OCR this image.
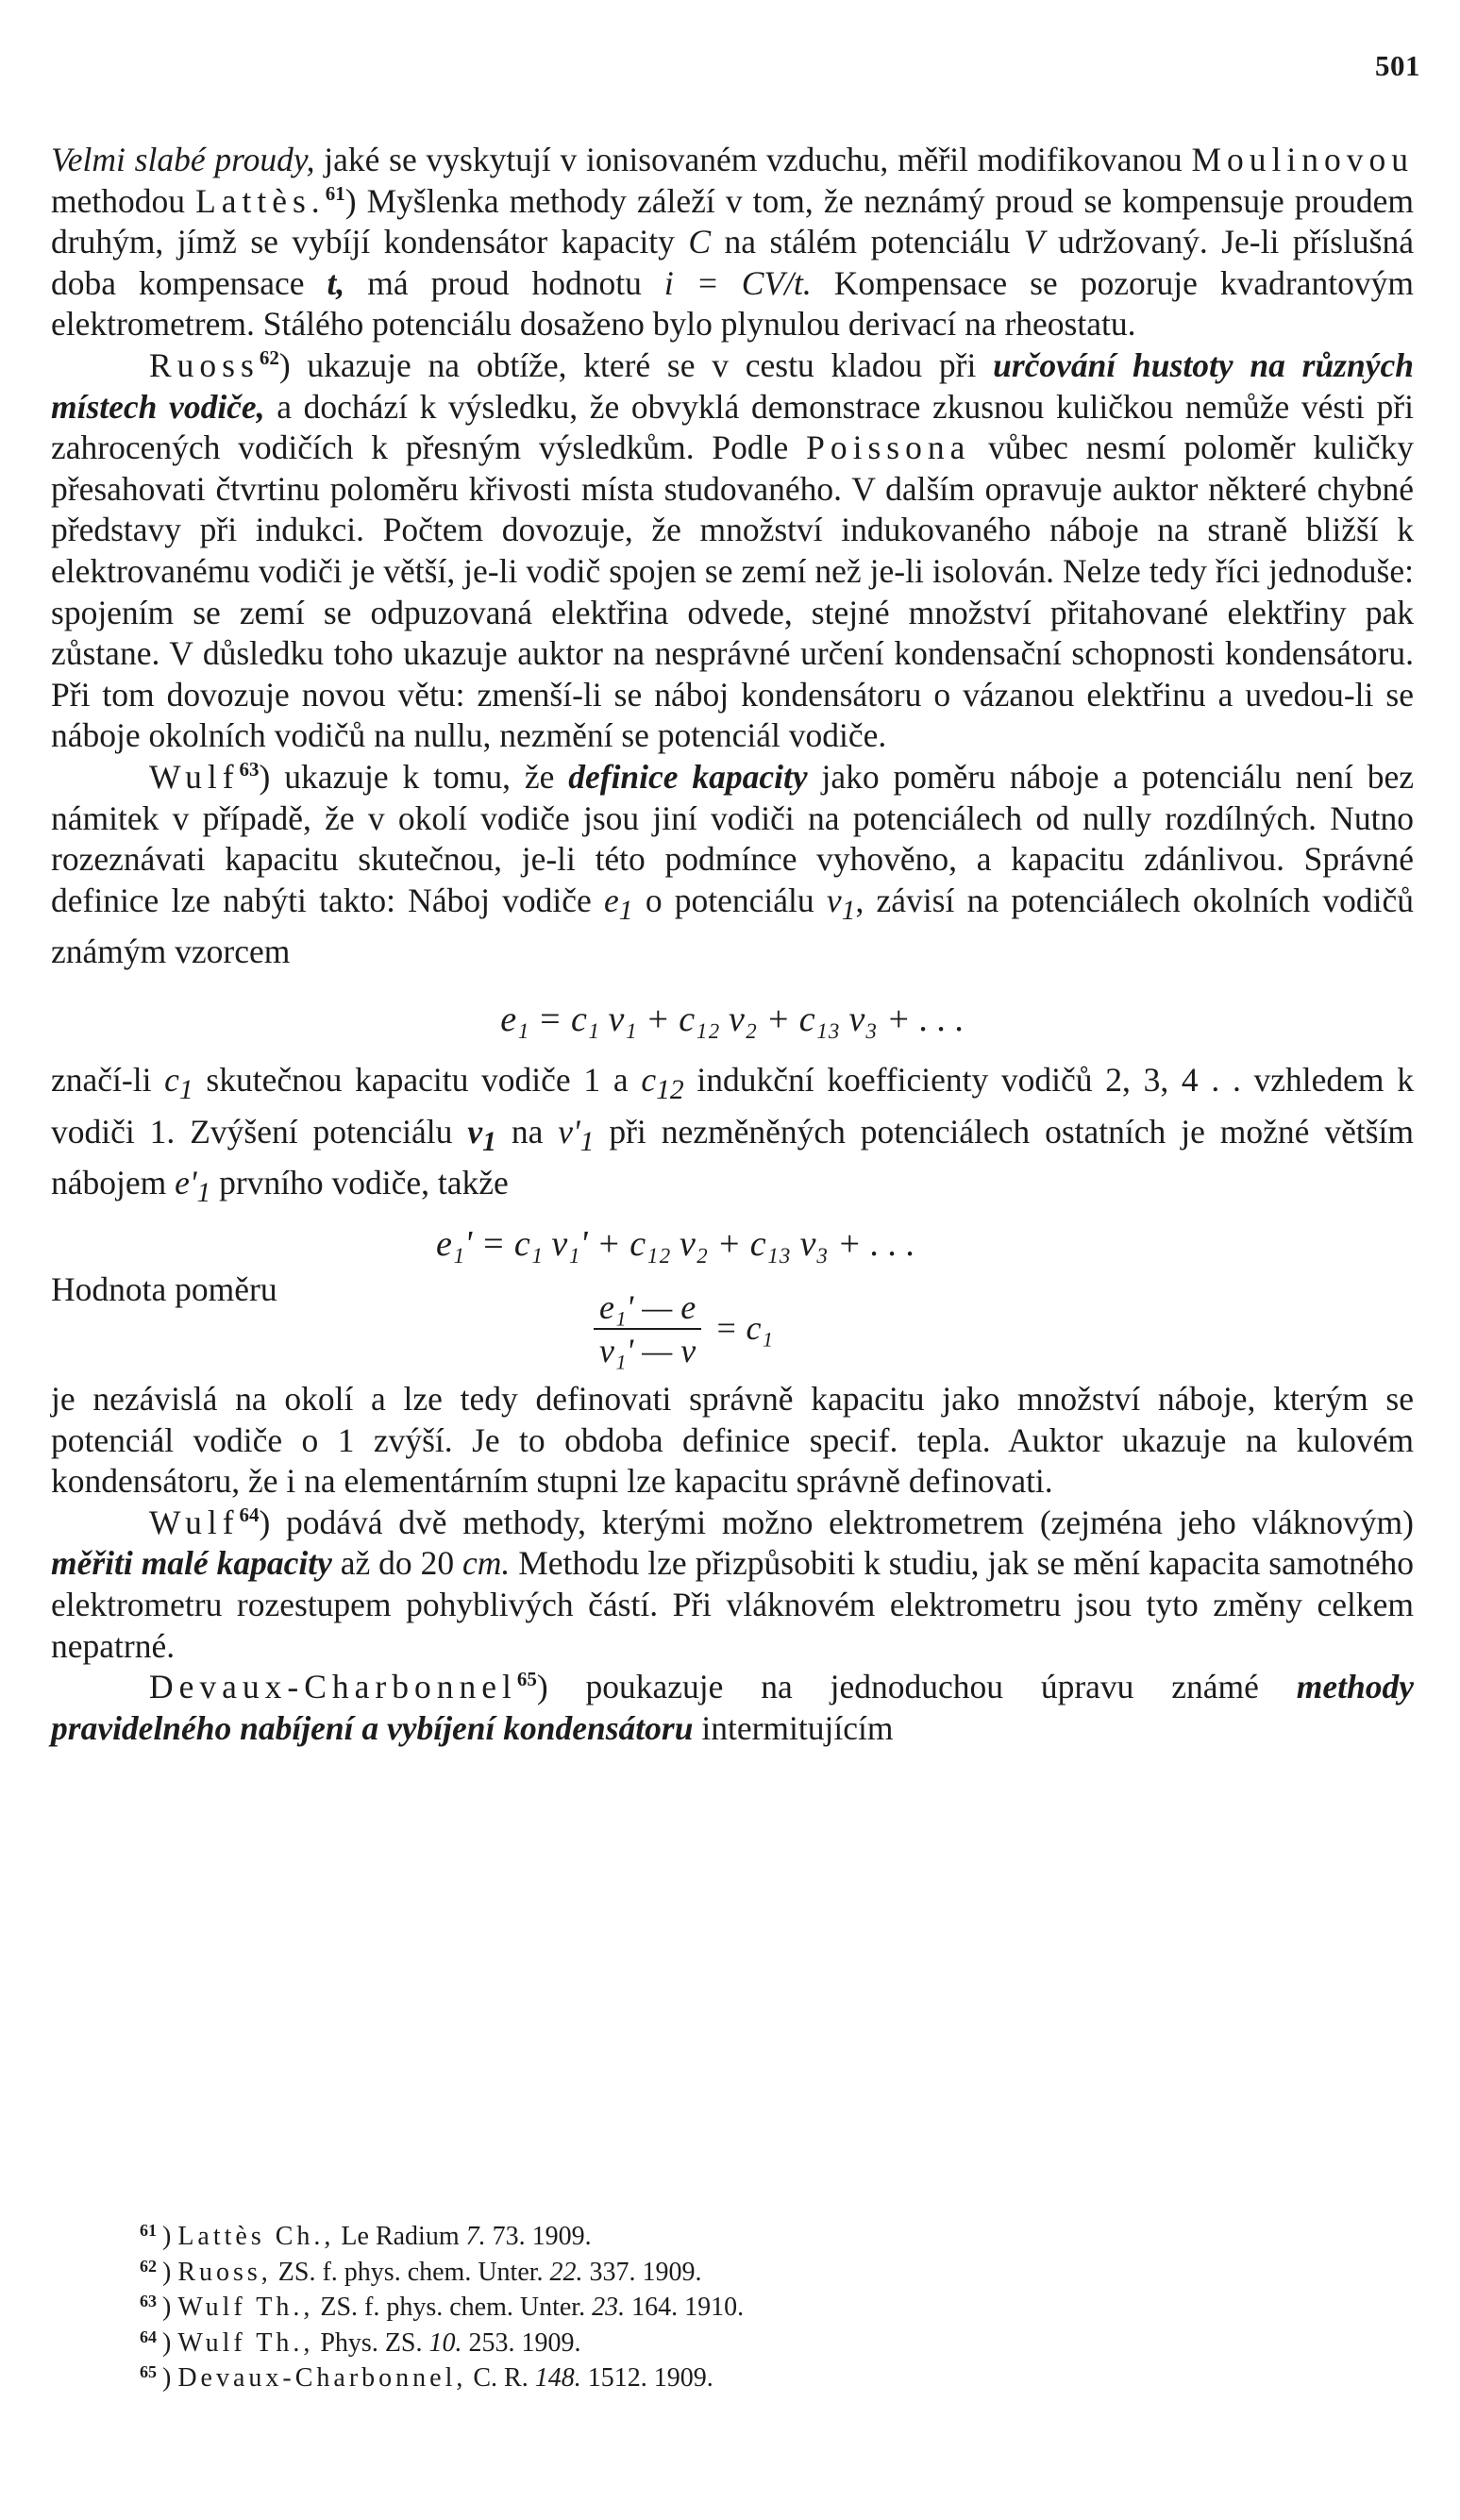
501

Velmi slabé proudy, jaké se vyskytují v ionisovaném vzduchu, měřil modifikovanou Moulinovou methodou Lattès.$^{61}$) Myšlenka methody záleží v tom, že neznámý proud se kompensuje proudem druhým, jímž se vybíjí kondensátor kapacity C na stálém potenciálu V udržovaný. Je-li příslušná doba kompensace t, má proud hodnotu i = CV/t. Kompensace se pozoruje kvadrantovým elektrometrem. Stálého potenciálu dosaženo bylo plynulou derivací na rheostatu.

Ruoss$^{62}$) ukazuje na obtíže, které se v cestu kladou při určování hustoty na různých místech vodiče, a dochází k výsledku, že obvyklá demonstrace zkusnou kuličkou nemůže vésti při zahrocených vodičích k přesným výsledkům. Podle Poissona vůbec nesmí poloměr kuličky přesahovati čtvrtinu poloměru křivosti místa studovaného. V dalším opravuje auktor některé chybné představy při indukci. Počtem dovozuje, že množství indukovaného náboje na straně bližší k elektrovanému vodiči je větší, je-li vodič spojen se zemí než je-li isolován. Nelze tedy říci jednoduše: spojením se zemí se odpuzovaná elektřina odvede, stejné množství přitahované elektřiny pak zůstane. V důsledku toho ukazuje auktor na nesprávné určení kondensační schopnosti kondensátoru. Při tom dovozuje novou větu: zmenší-li se náboj kondensátoru o vázanou elektřinu a uvedou-li se náboje okolních vodičů na nullu, nezmění se potenciál vodiče.

Wulf$^{63}$) ukazuje k tomu, že definice kapacity jako poměru náboje a potenciálu není bez námitek v případě, že v okolí vodiče jsou jiní vodiči na potenciálech od nully rozdílných. Nutno rozeznávati kapacitu skutečnou, je-li této podmínce vyhověno, a kapacitu zdánlivou. Správné definice lze nabýti takto: Náboj vodiče $e_1$ o potenciálu $v_1$, závisí na potenciálech okolních vodičů známým vzorcem

e₁ = c₁ v₁ + c₁₂ v₂ + c₁₃ v₃ + . . .

značí-li $c_1$ skutečnou kapacitu vodiče 1 a $c_{12}$ indukční koefficienty vodičů 2, 3, 4 . . vzhledem k vodiči 1. Zvýšení potenciálu $v_1$ na $v'_1$ při nezměněných potenciálech ostatních je možné větším nábojem $e'_1$ prvního vodiče, takže

e₁' = c₁ v₁' + c₁₂ v₂ + c₁₃ v₃ + . . .
Hodnota poměru	$\frac{\text{e₁' — e}}{\text{v₁' — v}} = c_1$

je nezávislá na okolí a lze tedy definovati správně kapacitu jako množství náboje, kterým se potenciál vodiče o 1 zvýší. Je to obdoba definice specif. tepla. Auktor ukazuje na kulovém kondensátoru, že i na elementárním stupni lze kapacitu správně definovati.

Wulf$^{64}$) podává dvě methody, kterými možno elektrometrem (zejména jeho vláknovým) měřiti malé kapacity až do 20 cm. Methodu lze přizpůsobiti k studiu, jak se mění kapacita samotného elektrometru rozestupem pohyblivých částí. Při vláknovém elektrometru jsou tyto změny celkem nepatrné.

Devaux-Charbonnel$^{65}$) poukazuje na jednoduchou úpravu známé methody pravidelného nabíjení a vybíjení kondensátoru intermitujícím

$^{61}$ ) Lattès Ch., Le Radium 7. 73. 1909.
$^{62}$ ) Ruoss, ZS. f. phys. chem. Unter. 22. 337. 1909.
$^{63}$ ) Wulf Th., ZS. f. phys. chem. Unter. 23. 164. 1910.
$^{64}$ ) Wulf Th., Phys. ZS. 10. 253. 1909.
$^{65}$ ) Devaux-Charbonnel, C. R. 148. 1512. 1909.
